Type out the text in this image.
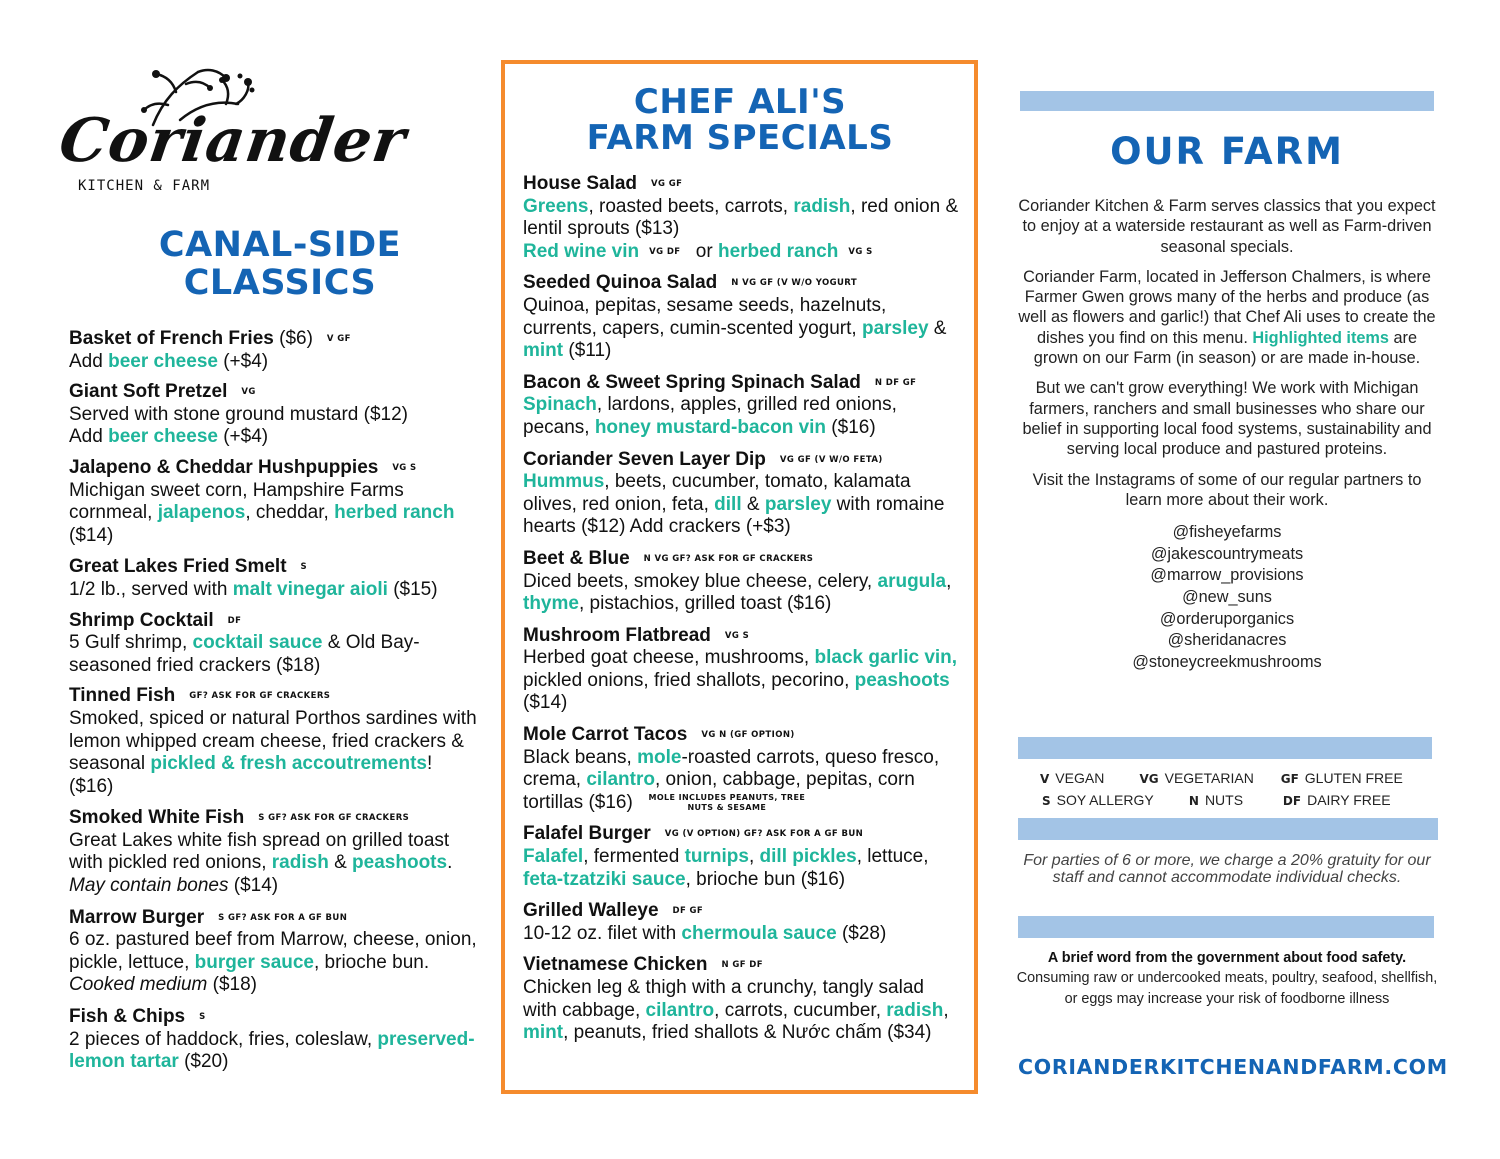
Coriander
KITCHEN & FARM
CANAL-SIDE
CLASSICS

Basket of French Fries ($6) V GF

Add beer cheese (+$4)

Giant Soft Pretzel VG

Served with stone ground mustard ($12)

Add beer cheese (+$4)

Jalapeno & Cheddar Hushpuppies VG S

Michigan sweet corn, Hampshire Farms cornmeal, jalapenos, cheddar, herbed ranch ($14)

Great Lakes Fried Smelt S

1/2 lb., served with malt vinegar aioli ($15)

Shrimp Cocktail DF

5 Gulf shrimp, cocktail sauce & Old Bay-seasoned fried crackers ($18)

Tinned Fish GF? ASK FOR GF CRACKERS

Smoked, spiced or natural Porthos sardines with lemon whipped cream cheese, fried crackers & seasonal pickled & fresh accoutrements! ($16)

Smoked White Fish S GF? ASK FOR GF CRACKERS

Great Lakes white fish spread on grilled toast with pickled red onions, radish & peashoots. May contain bones ($14)

Marrow Burger S GF? ASK FOR A GF BUN

6 oz. pastured beef from Marrow, cheese, onion, pickle, lettuce, burger sauce, brioche bun. Cooked medium ($18)

Fish & Chips S

2 pieces of haddock, fries, coleslaw, preserved-lemon tartar ($20)

CHEF ALI'S
FARM SPECIALS

House Salad VG GF

Greens, roasted beets, carrots, radish, red onion & lentil sprouts ($13)

Red wine vin VG DF or herbed ranch VG S

Seeded Quinoa Salad N VG GF (V W/O YOGURT

Quinoa, pepitas, sesame seeds, hazelnuts, currents, capers, cumin-scented yogurt, parsley & mint ($11)

Bacon & Sweet Spring Spinach Salad N DF GF

Spinach, lardons, apples, grilled red onions, pecans, honey mustard-bacon vin ($16)

Coriander Seven Layer Dip VG GF (V W/O FETA)

Hummus, beets, cucumber, tomato, kalamata olives, red onion, feta, dill & parsley with romaine hearts ($12) Add crackers (+$3)

Beet & Blue N VG GF? ASK FOR GF CRACKERS

Diced beets, smokey blue cheese, celery, arugula, thyme, pistachios, grilled toast ($16)

Mushroom Flatbread VG S

Herbed goat cheese, mushrooms, black garlic vin, pickled onions, fried shallots, pecorino, peashoots ($14)

Mole Carrot Tacos VG N (GF OPTION)

Black beans, mole-roasted carrots, queso fresco, crema, cilantro, onion, cabbage, pepitas, corn tortillas ($16) MOLE INCLUDES PEANUTS, TREE NUTS & SESAME

Falafel Burger VG (V OPTION) GF? ASK FOR A GF BUN

Falafel, fermented turnips, dill pickles, lettuce, feta-tzatziki sauce, brioche bun ($16)

Grilled Walleye DF GF

10-12 oz. filet with chermoula sauce ($28)

Vietnamese Chicken N GF DF

Chicken leg & thigh with a crunchy, tangly salad with cabbage, cilantro, carrots, cucumber, radish, mint, peanuts, fried shallots & Nước chấm ($34)

OUR FARM

Coriander Kitchen & Farm serves classics that you expect to enjoy at a waterside restaurant as well as Farm-driven seasonal specials.

Coriander Farm, located in Jefferson Chalmers, is where Farmer Gwen grows many of the herbs and produce (as well as flowers and garlic!) that Chef Ali uses to create the dishes you find on this menu. Highlighted items are grown on our Farm (in season) or are made in-house.

But we can't grow everything! We work with Michigan farmers, ranchers and small businesses who share our belief in supporting local food systems, sustainability and serving local produce and pastured proteins.

Visit the Instagrams of some of our regular partners to learn more about their work.

@fisheyefarms
@jakescountrymeats
@marrow_provisions
@new_suns
@orderuporganics
@sheridanacres
@stoneycreekmushrooms
V VEGAN	VG VEGETARIAN GF GLUTEN FREE
S SOY ALLERGY	N NUTS	DF DAIRY FREE
For parties of 6 or more, we charge a 20% gratuity for our staff and cannot accommodate individual checks.
A brief word from the government about food safety.
Consuming raw or undercooked meats, poultry, seafood, shellfish, or eggs may increase your risk of foodborne illness
CORIANDERKITCHENANDFARM.COM
